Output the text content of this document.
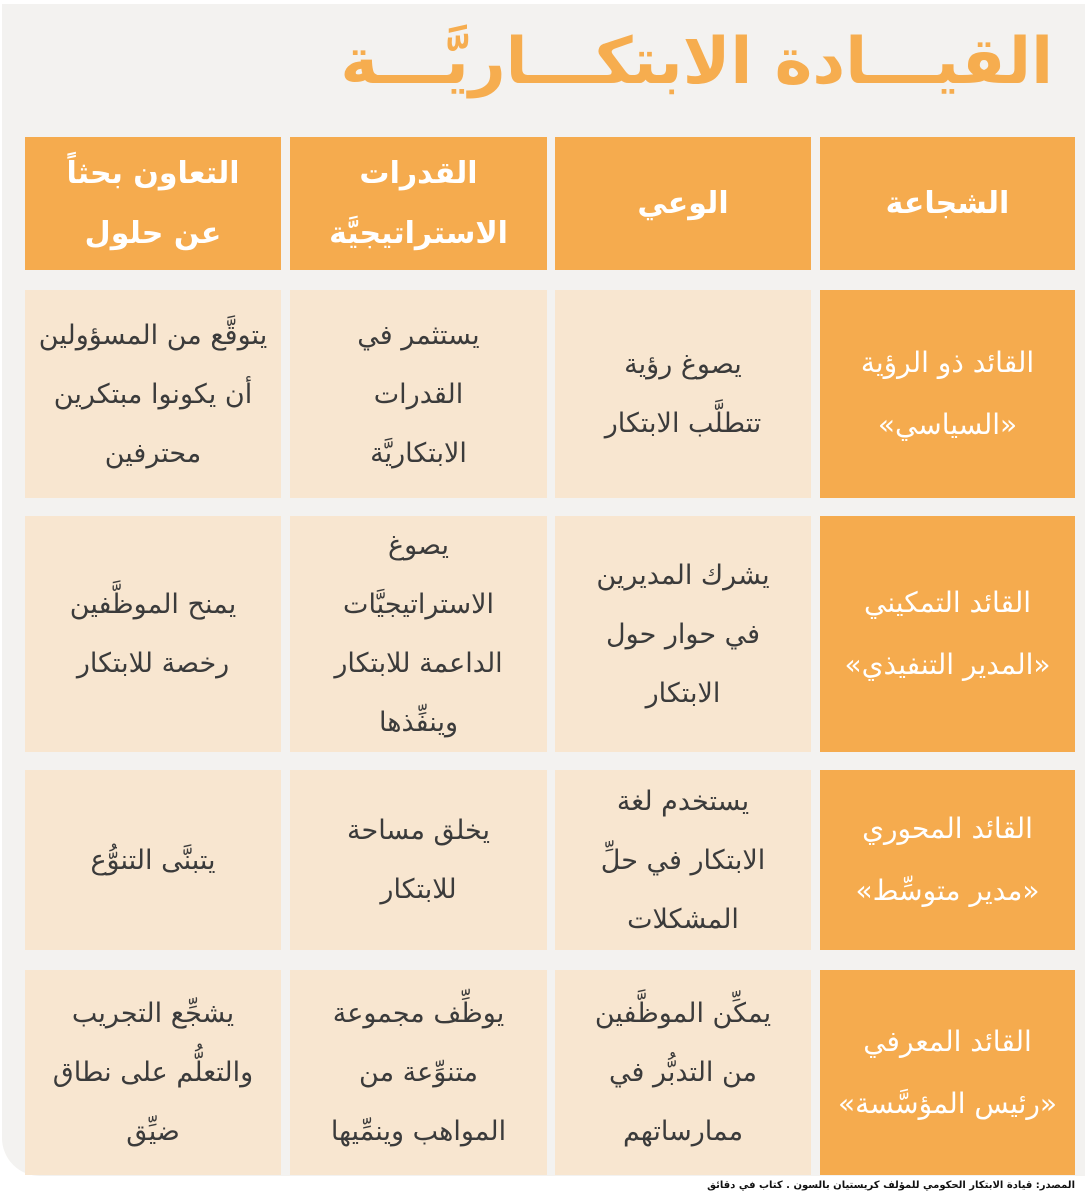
القيـــادة الابتكـــاريَّـــة
الشجاعة
الوعي
القدرات
الاستراتيجيَّة
التعاون بحثاً
عن حلول
القائد ذو الرؤية
«السياسي»
يصوغ رؤية
تتطلَّب الابتكار
يستثمر في
القدرات
الابتكاريَّة
يتوقَّع من المسؤولين
أن يكونوا مبتكرين
محترفين
القائد التمكيني
«المدير التنفيذي»
يشرك المديرين
في حوار حول
الابتكار
يصوغ
الاستراتيجيَّات
الداعمة للابتكار
وينفِّذها
يمنح الموظَّفين
رخصة للابتكار
القائد المحوري
«مدير متوسِّط»
يستخدم لغة
الابتكار في حلِّ
المشكلات
يخلق مساحة
للابتكار
يتبنَّى التنوُّع
القائد المعرفي
«رئيس المؤسَّسة»
يمكِّن الموظَّفين
من التدبُّر في
ممارساتهم
يوظِّف مجموعة
متنوِّعة من
المواهب وينمِّيها
يشجِّع التجريب
والتعلُّم على نطاق
ضيِّق
المصدر: قيادة الابتكار الحكومي للمؤلف كريستيان بالسون . كتاب في دقائق
